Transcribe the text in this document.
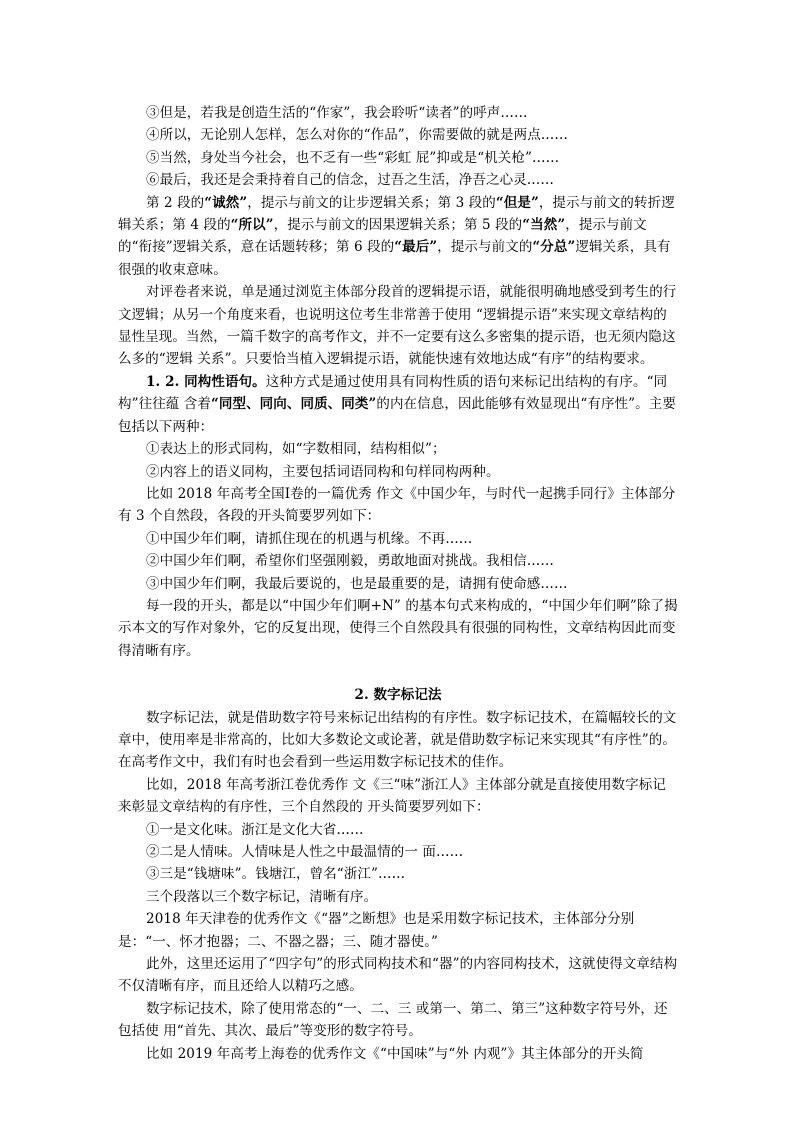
③但是，若我是创造生活的“作家”，我会聆听“读者”的呼声……

④所以，无论别人怎样，怎么对你的“作品”，你需要做的就是两点……

⑤当然，身处当今社会，也不乏有一些“彩虹 屁”抑或是“机关枪”……

⑥最后，我还是会秉持着自己的信念，过吾之生活，净吾之心灵……

第 2 段的“诚然”，提示与前文的让步逻辑关系；第 3 段的“但是”，提示与前文的转折逻辑关系；第 4 段的“所以”，提示与前文的因果逻辑关系；第 5 段的“当然”，提示与前文的“衔接”逻辑关系，意在话题转移；第 6 段的“最后”，提示与前文的“分总”逻辑关系，具有很强的收束意味。

对评卷者来说，单是通过浏览主体部分段首的逻辑提示语，就能很明确地感受到考生的行文逻辑；从另一个角度来看，也说明这位考生非常善于使用 “逻辑提示语”来实现文章结构的显性呈现。当然，一篇千数字的高考作文，并不一定要有这么多密集的提示语，也无须内隐这么多的“逻辑 关系”。只要恰当植入逻辑提示语，就能快速有效地达成“有序”的结构要求。

1. 2. 同构性语句。这种方式是通过使用具有同构性质的语句来标记出结构的有序。“同构”往往蕴 含着“同型、同向、同质、同类”的内在信息，因此能够有效显现出“有序性”。主要包括以下两种：

①表达上的形式同构，如“字数相同，结构相似”；

②内容上的语义同构，主要包括词语同构和句样同构两种。

比如 2018 年高考全国Ⅰ卷的一篇优秀 作文《中国少年，与时代一起携手同行》主体部分有 3 个自然段，各段的开头简要罗列如下：

①中国少年们啊，请抓住现在的机遇与机缘。不再……

②中国少年们啊，希望你们坚强刚毅，勇敢地面对挑战。我相信……

③中国少年们啊，我最后要说的，也是最重要的是，请拥有使命感……

每一段的开头，都是以“中国少年们啊+N” 的基本句式来构成的，“中国少年们啊”除了揭示本文的写作对象外，它的反复出现，使得三个自然段具有很强的同构性，文章结构因此而变得清晰有序。

2. 数字标记法

数字标记法，就是借助数字符号来标记出结构的有序性。数字标记技术，在篇幅较长的文章中，使用率是非常高的，比如大多数论文或论著，就是借助数字标记来实现其“有序性”的。在高考作文中，我们有时也会看到一些运用数字标记技术的佳作。

比如，2018 年高考浙江卷优秀作 文《三“味”浙江人》主体部分就是直接使用数字标记来彰显文章结构的有序性，三个自然段的 开头简要罗列如下：

①一是文化味。浙江是文化大省……

②二是人情味。人情味是人性之中最温情的一 面……

③三是“钱塘味”。钱塘江，曾名“浙江”……

三个段落以三个数字标记，清晰有序。

2018 年天津卷的优秀作文《“器”之断想》也是采用数字标记技术，主体部分分别是：“一、怀才抱器；二、不器之器；三、随才器使。”

此外，这里还运用了“四字句”的形式同构技术和“器”的内容同构技术，这就使得文章结构不仅清晰有序，而且还给人以精巧之感。

数字标记技术，除了使用常态的“一、二、三 或第一、第二、第三”这种数字符号外，还包括使 用“首先、其次、最后”等变形的数字符号。

比如 2019 年高考上海卷的优秀作文《“中国味”与“外 内观”》其主体部分的开头简
